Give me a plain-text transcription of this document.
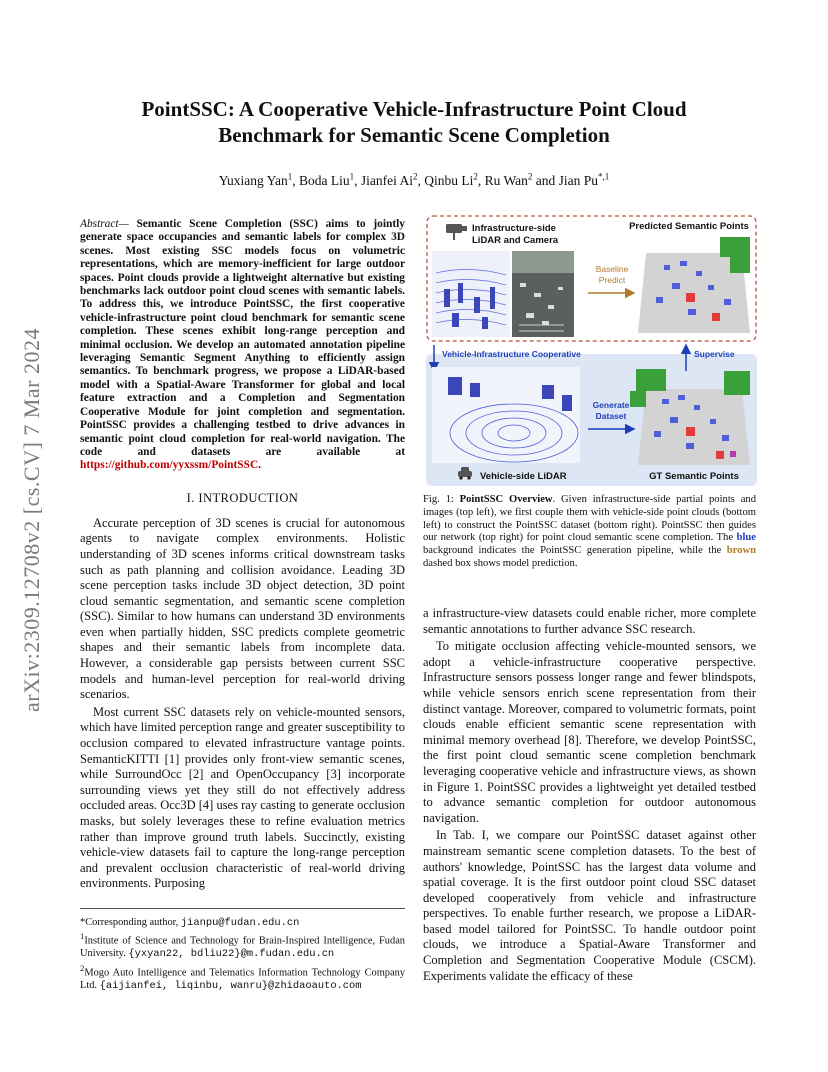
arXiv:2309.12708v2 [cs.CV] 7 Mar 2024
PointSSC: A Cooperative Vehicle-Infrastructure Point Cloud
Benchmark for Semantic Scene Completion
Yuxiang Yan$^1$, Boda Liu$^1$, Jianfei Ai$^2$, Qinbu Li$^2$, Ru Wan$^2$ and Jian $Pu^{*,1}$

Abstract— Semantic Scene Completion (SSC) aims to jointly generate space occupancies and semantic labels for complex 3D scenes. Most existing SSC models focus on volumetric representations, which are memory-inefficient for large outdoor spaces. Point clouds provide a lightweight alternative but existing benchmarks lack outdoor point cloud scenes with semantic labels. To address this, we introduce PointSSC, the first cooperative vehicle-infrastructure point cloud benchmark for semantic scene completion. These scenes exhibit long-range perception and minimal occlusion. We develop an automated annotation pipeline leveraging Semantic Segment Anything to efficiently assign semantics. To benchmark progress, we propose a LiDAR-based model with a Spatial-Aware Transformer for global and local feature extraction and a Completion and Segmentation Cooperative Module for joint completion and segmentation. PointSSC provides a challenging testbed to drive advances in semantic point cloud completion for real-world navigation. The code and datasets are available at https://github.com/yyxssm/PointSSC.

I. INTRODUCTION

Accurate perception of 3D scenes is crucial for autonomous agents to navigate complex environments. Holistic understanding of 3D scenes informs critical downstream tasks such as path planning and collision avoidance. Leading 3D scene perception tasks include 3D object detection, 3D point cloud semantic segmentation, and semantic scene completion (SSC). Similar to how humans can understand 3D environments even when partially hidden, SSC predicts complete geometric shapes and their semantic labels from incomplete data. However, a considerable gap persists between current SSC models and human-level perception for real-world driving scenarios.

Most current SSC datasets rely on vehicle-mounted sensors, which have limited perception range and greater susceptibility to occlusion compared to elevated infrastructure vantage points. SemanticKITTI [1] provides only front-view semantic scenes, while SurroundOcc [2] and OpenOccupancy [3] incorporate surrounding views yet they still do not effectively address occluded areas. Occ3D [4] uses ray casting to generate occlusion masks, but solely leverages these to refine evaluation metrics rather than improve ground truth labels. Succinctly, existing vehicle-view datasets fail to capture the long-range perception and prevalent occlusion characteristic of real-world driving environments. Purposing

*Corresponding author, jianpu@fudan.edu.cn

$^1$Institute of Science and Technology for Brain-Inspired Intelligence, Fudan University. {yxyan22, bdliu22}@m.fudan.edu.cn

$^2$Mogo Auto Intelligence and Telematics Information Technology Company Ltd. {aijianfei, liqinbu, wanru}@zhidaoauto.com

Infrastructure-side
LiDAR and Camera
Baseline
Predict
Predicted Semantic Points
Vehicle-Infrastructure Cooperative	Supervise
Generate
Dataset
Vehicle-side LiDAR	GT Semantic Points

Fig. 1: PointSSC Overview. Given infrastructure-side partial points and images (top left), we first couple them with vehicle-side point clouds (bottom left) to construct the PointSSC dataset (bottom right). PointSSC then guides our network (top right) for point cloud semantic scene completion. The blue background indicates the PointSSC generation pipeline, while the brown dashed box shows model prediction.

a infrastructure-view datasets could enable richer, more complete semantic annotations to further advance SSC research.

To mitigate occlusion affecting vehicle-mounted sensors, we adopt a vehicle-infrastructure cooperative perspective. Infrastructure sensors possess longer range and fewer blindspots, while vehicle sensors enrich scene representation from their distinct vantage. Moreover, compared to volumetric formats, point clouds enable efficient semantic scene representation with minimal memory overhead [8]. Therefore, we develop PointSSC, the first point cloud semantic scene completion benchmark leveraging cooperative vehicle and infrastructure views, as shown in Figure 1. PointSSC provides a lightweight yet detailed testbed to advance semantic completion for outdoor autonomous navigation.

In Tab. I, we compare our PointSSC dataset against other mainstream semantic scene completion datasets. To the best of authors' knowledge, PointSSC has the largest data volume and spatial coverage. It is the first outdoor point cloud SSC dataset developed cooperatively from vehicle and infrastructure perspectives. To enable further research, we propose a LiDAR-based model tailored for PointSSC. To handle outdoor point clouds, we introduce a Spatial-Aware Transformer and Completion and Segmentation Cooperative Module (CSCM). Experiments validate the efficacy of these
